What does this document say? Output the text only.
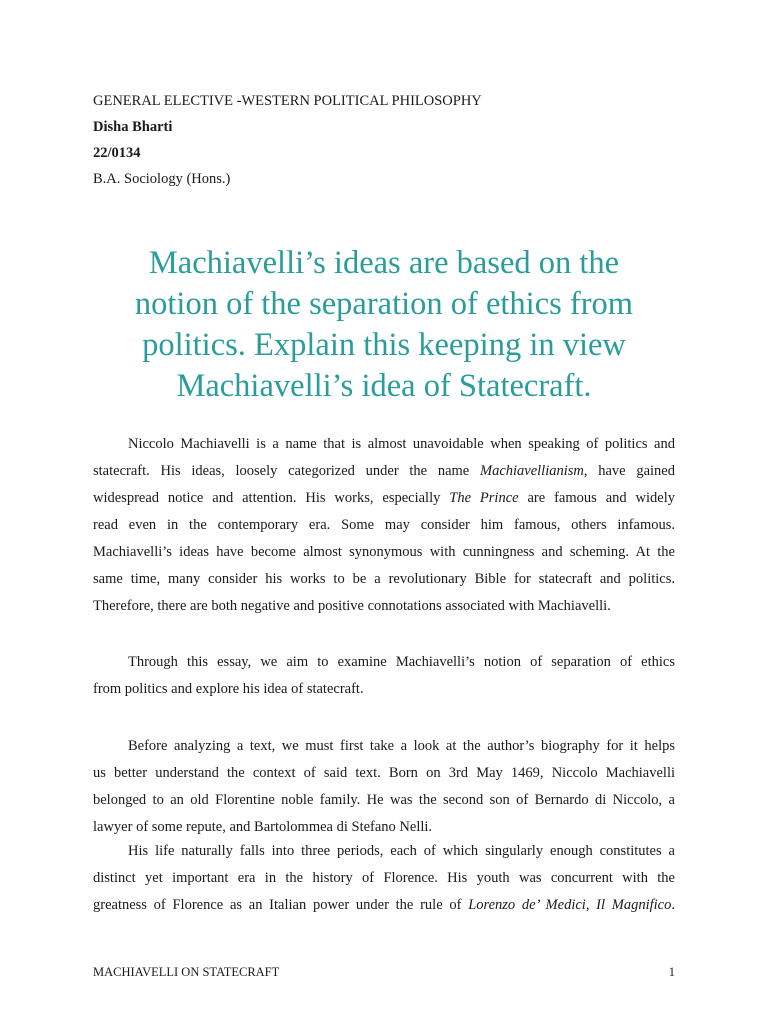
GENERAL ELECTIVE -WESTERN POLITICAL PHILOSOPHY
Disha Bharti
22/0134
B.A. Sociology (Hons.)
Machiavelli’s ideas are based on the
notion of the separation of ethics from
politics. Explain this keeping in view
Machiavelli’s idea of Statecraft.
Niccolo Machiavelli is a name that is almost unavoidable when speaking of politics and
statecraft. His ideas, loosely categorized under the name Machiavellianism, have gained
widespread notice and attention. His works, especially The Prince are famous and widely
read even in the contemporary era. Some may consider him famous, others infamous.
Machiavelli’s ideas have become almost synonymous with cunningness and scheming. At the
same time, many consider his works to be a revolutionary Bible for statecraft and politics.
Therefore, there are both negative and positive connotations associated with Machiavelli.
Through this essay, we aim to examine Machiavelli’s notion of separation of ethics
from politics and explore his idea of statecraft.
Before analyzing a text, we must first take a look at the author’s biography for it helps
us better understand the context of said text. Born on 3rd May 1469, Niccolo Machiavelli
belonged to an old Florentine noble family. He was the second son of Bernardo di Niccolo, a
lawyer of some repute, and Bartolommea di Stefano Nelli.
His life naturally falls into three periods, each of which singularly enough constitutes a
distinct yet important era in the history of Florence. His youth was concurrent with the
greatness of Florence as an Italian power under the rule of Lorenzo de’ Medici, Il Magnifico.
MACHIAVELLI ON STATECRAFT	1
